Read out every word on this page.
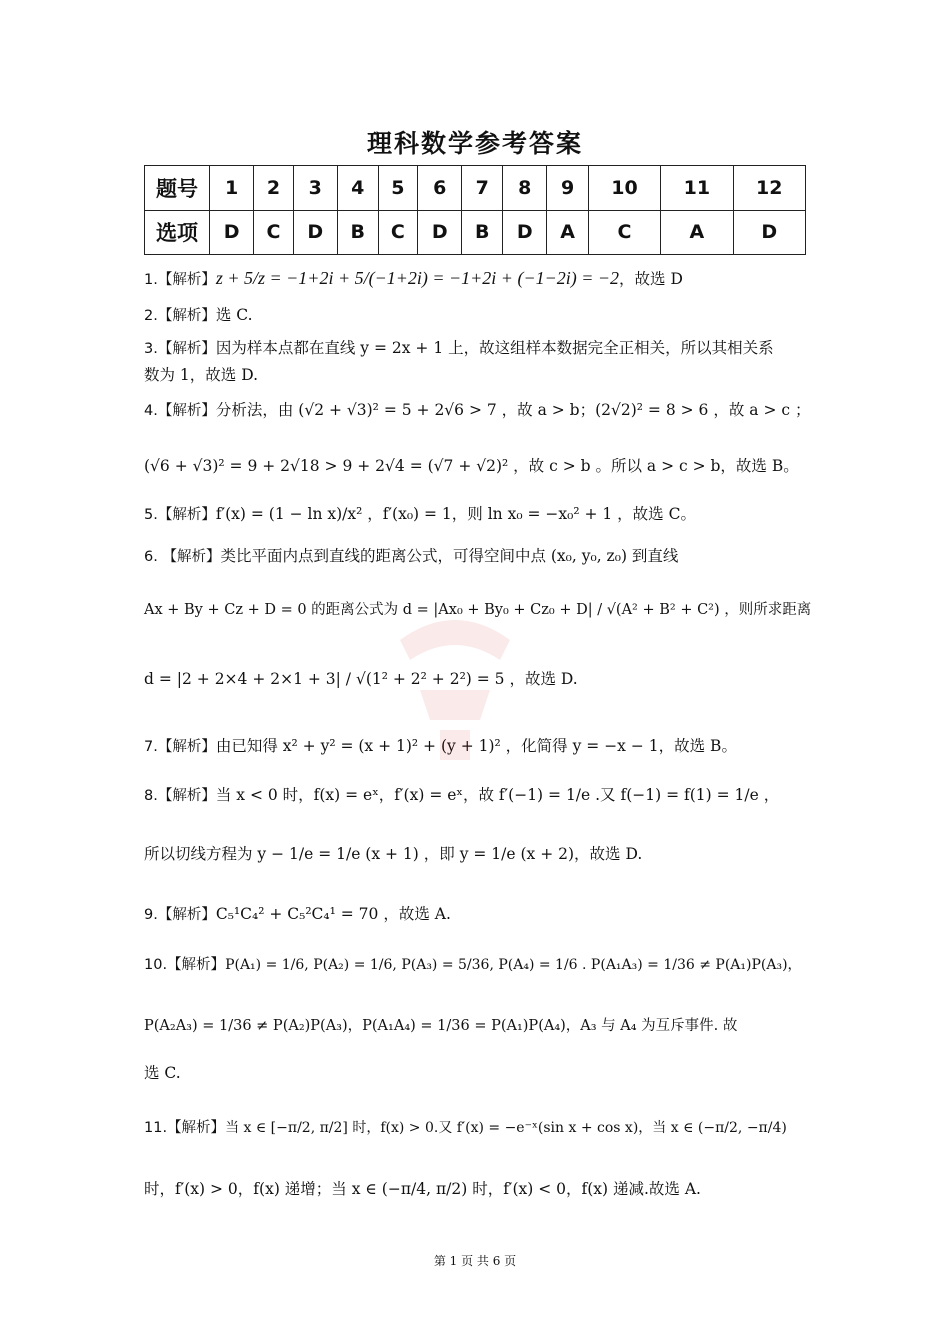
理科数学参考答案
题号	1	2	3	4	5	6	7	8	9	10	11	12
选项	D	C	D	B	C	D	B	D	A	C	A	D
1.【解析】z + 5/z = −1+2i + 5/(−1+2i) = −1+2i + (−1−2i) = −2，故选 D
2.【解析】选 C.
3.【解析】因为样本点都在直线 y = 2x + 1 上，故这组样本数据完全正相关，所以其相关系
数为 1，故选 D.
4.【解析】分析法，由 (√2 + √3)² = 5 + 2√6 > 7 ，故 a > b；(2√2)² = 8 > 6 ，故 a > c ；
(√6 + √3)² = 9 + 2√18 > 9 + 2√4 = (√7 + √2)² ，故 c > b 。所以 a > c > b，故选 B。
5.【解析】f′(x) = (1 − ln x)/x² ，f′(x₀) = 1，则 ln x₀ = −x₀² + 1 ，故选 C。
6. 【解析】类比平面内点到直线的距离公式，可得空间中点 (x₀, y₀, z₀) 到直线
Ax + By + Cz + D = 0 的距离公式为 d = |Ax₀ + By₀ + Cz₀ + D| / √(A² + B² + C²) ，则所求距离
d = |2 + 2×4 + 2×1 + 3| / √(1² + 2² + 2²) = 5 ，故选 D.
7.【解析】由已知得 x² + y² = (x + 1)² + (y + 1)² ，化简得 y = −x − 1，故选 B。
8.【解析】当 x < 0 时，f(x) = eˣ，f′(x) = eˣ，故 f′(−1) = 1/e .又 f(−1) = f(1) = 1/e ，
所以切线方程为 y − 1/e = 1/e (x + 1) ，即 y = 1/e (x + 2)，故选 D.
9.【解析】C₅¹C₄² + C₅²C₄¹ = 70 ，故选 A.
10.【解析】P(A₁) = 1/6, P(A₂) = 1/6, P(A₃) = 5/36, P(A₄) = 1/6 . P(A₁A₃) = 1/36 ≠ P(A₁)P(A₃)，
P(A₂A₃) = 1/36 ≠ P(A₂)P(A₃)，P(A₁A₄) = 1/36 = P(A₁)P(A₄)，A₃ 与 A₄ 为互斥事件. 故
选 C.
11.【解析】当 x ∈ [−π/2, π/2] 时，f(x) > 0.又 f′(x) = −e⁻ˣ(sin x + cos x)，当 x ∈ (−π/2, −π/4)
时，f′(x) > 0，f(x) 递增；当 x ∈ (−π/4, π/2) 时，f′(x) < 0，f(x) 递减.故选 A.
第 1 页 共 6 页
